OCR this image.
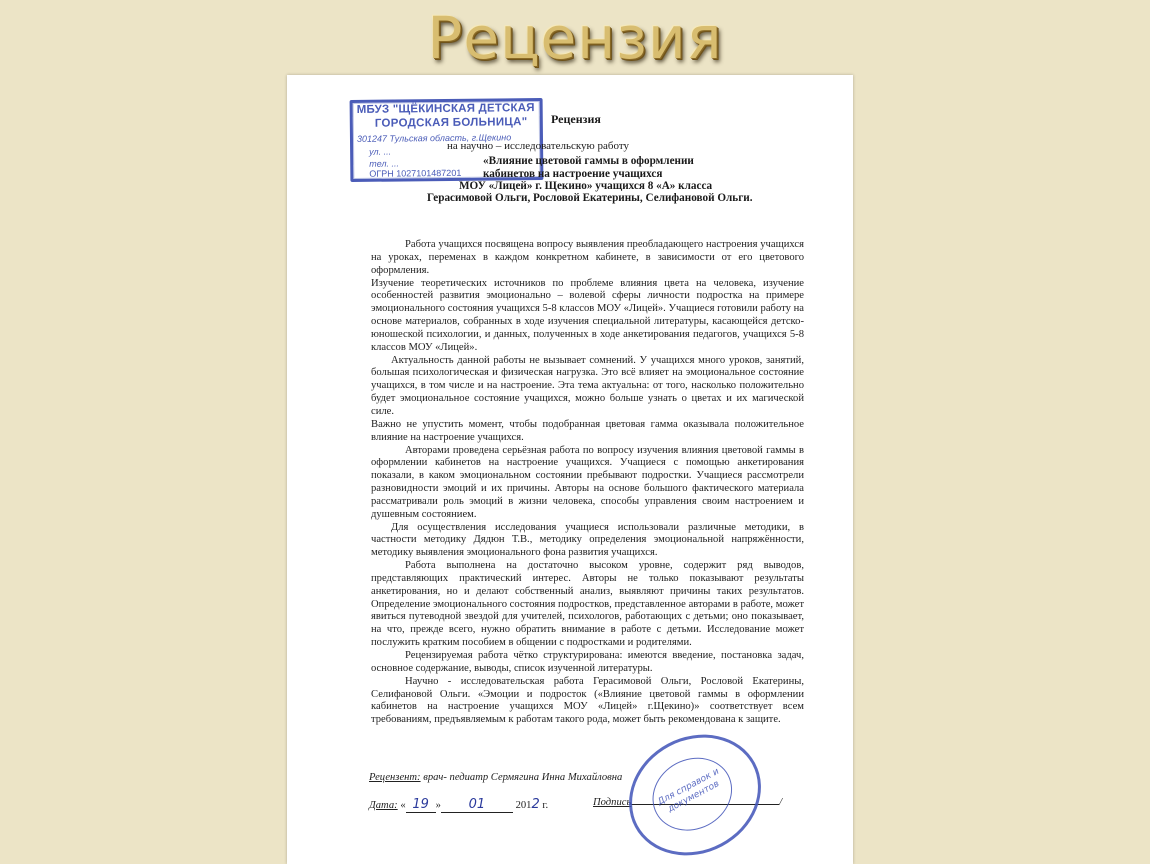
Рецензия
МБУЗ "ЩЁКИНСКАЯ ДЕТСКАЯ
ГОРОДСКАЯ БОЛЬНИЦА"
301247 Тульская область, г.Щекино
ул. ...
тел. ...
ОГРН 1027101487201
Рецензия
на научно – исследовательскую работу
«Влияние цветовой гаммы в оформлении
кабинетов на настроение учащихся
МОУ «Лицей» г. Щекино» учащихся 8 «А» класса
Герасимовой Ольги, Рословой Екатерины, Селифановой Ольги.

Работа учащихся посвящена вопросу выявления преобладающего настроения учащихся на уроках, переменах в каждом конкретном кабинете, в зависимости от его цветового оформления.

Изучение теоретических источников по проблеме влияния цвета на человека, изучение особенностей развития эмоционально – волевой сферы личности подростка на примере эмоционального состояния учащихся 5-8 классов МОУ «Лицей». Учащиеся готовили работу на основе материалов, собранных в ходе изучения специальной литературы, касающейся детско-юношеской психологии, и данных, полученных в ходе анкетирования педагогов, учащихся 5-8 классов МОУ «Лицей».

Актуальность данной работы не вызывает сомнений. У учащихся много уроков, занятий, большая психологическая и физическая нагрузка. Это всё влияет на эмоциональное состояние учащихся, в том числе и на настроение. Эта тема актуальна: от того, насколько положительно будет эмоциональное состояние учащихся, можно больше узнать о цветах и их магической силе.

Важно не упустить момент, чтобы подобранная цветовая гамма оказывала положительное влияние на настроение учащихся.

Авторами проведена серьёзная работа по вопросу изучения влияния цветовой гаммы в оформлении кабинетов на настроение учащихся. Учащиеся с помощью анкетирования показали, в каком эмоциональном состоянии пребывают подростки. Учащиеся рассмотрели разновидности эмоций и их причины. Авторы на основе большого фактического материала рассматривали роль эмоций в жизни человека, способы управления своим настроением и душевным состоянием.

Для осуществления исследования учащиеся использовали различные методики, в частности методику Дядюн Т.В., методику определения эмоциональной напряжённости, методику выявления эмоционального фона развития учащихся.

Работа выполнена на достаточно высоком уровне, содержит ряд выводов, представляющих практический интерес. Авторы не только показывают результаты анкетирования, но и делают собственный анализ, выявляют причины таких результатов. Определение эмоционального состояния подростков, представленное авторами в работе, может явиться путеводной звездой для учителей, психологов, работающих с детьми; оно показывает, на что, прежде всего, нужно обратить внимание в работе с детьми. Исследование может послужить кратким пособием в общении с подростками и родителями.

Рецензируемая работа чётко структурирована: имеются введение, постановка задач, основное содержание, выводы, список изученной литературы.

Научно - исследовательская работа Герасимовой Ольги, Рословой Екатерины, Селифановой Ольги. «Эмоции и подросток («Влияние цветовой гаммы в оформлении кабинетов на настроение учащихся МОУ «Лицей» г.Щекино)» соответствует всем требованиям, предъявляемым к работам такого рода, может быть рекомендована к защите.

Рецензент: врач- педиатр Сермягина Инна Михайловна
Дата: « 19 » 01	2012 г.	Подпись	/
Для справок и документов
